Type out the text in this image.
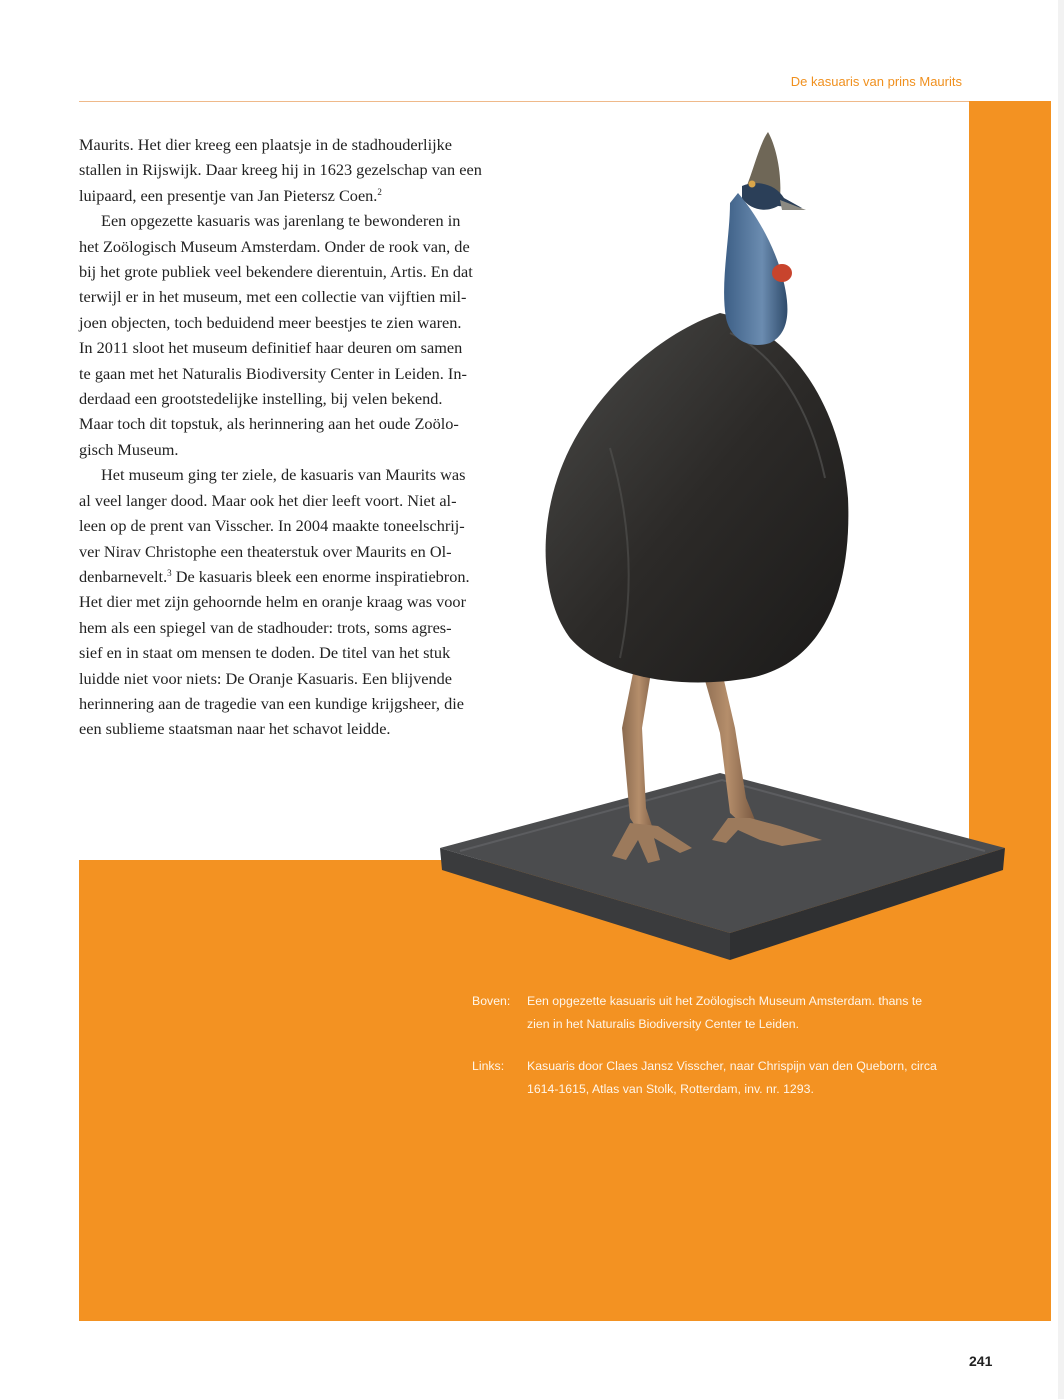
De kasuaris van prins Maurits

Maurits. Het dier kreeg een plaatsje in de stadhouderlijke
stallen in Rijswijk. Daar kreeg hij in 1623 gezelschap van een
luipaard, een presentje van Jan Pietersz Coen.$^2$

Een opgezette kasuaris was jarenlang te bewonderen in
het Zoölogisch Museum Amsterdam. Onder de rook van, de
bij het grote publiek veel bekendere dierentuin, Artis. En dat
terwijl er in het museum, met een collectie van vijftien mil-
joen objecten, toch beduidend meer beestjes te zien waren.
In 2011 sloot het museum definitief haar deuren om samen
te gaan met het Naturalis Biodiversity Center in Leiden. In-
derdaad een grootstedelijke instelling, bij velen bekend.
Maar toch dit topstuk, als herinnering aan het oude Zoölo-
gisch Museum.

Het museum ging ter ziele, de kasuaris van Maurits was
al veel langer dood. Maar ook het dier leeft voort. Niet al-
leen op de prent van Visscher. In 2004 maakte toneelschrij-
ver Nirav Christophe een theaterstuk over Maurits en Ol-
denbarnevelt.$^3$ De kasuaris bleek een enorme inspiratiebron.
Het dier met zijn gehoornde helm en oranje kraag was voor
hem als een spiegel van de stadhouder: trots, soms agres-
sief en in staat om mensen te doden. De titel van het stuk
luidde niet voor niets: De Oranje Kasuaris. Een blijvende
herinnering aan de tragedie van een kundige krijgsheer, die
een sublieme staatsman naar het schavot leidde.

Boven:	Een opgezette kasuaris uit het Zoölogisch Museum Amsterdam. thans te
zien in het Naturalis Biodiversity Center te Leiden.
Links:	Kasuaris door Claes Jansz Visscher, naar Chrispijn van den Queborn, circa
1614-1615, Atlas van Stolk, Rotterdam, inv. nr. 1293.
241
